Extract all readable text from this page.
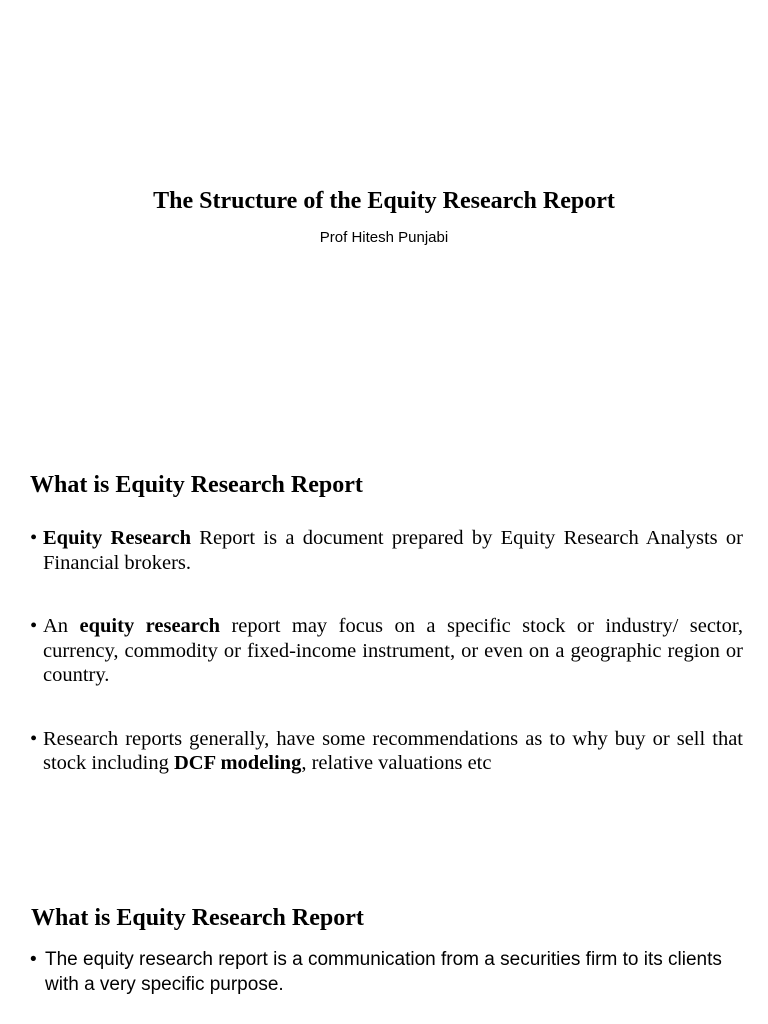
The Structure of the Equity Research Report
Prof Hitesh Punjabi
What is Equity Research Report
• Equity Research Report is a document prepared by Equity Research Analysts or Financial brokers.
• An equity research report may focus on a specific stock or industry/ sector, currency, commodity or fixed-income instrument, or even on a geographic region or country.
• Research reports generally, have some recommendations as to why buy or sell that stock including DCF modeling, relative valuations etc
What is Equity Research Report
• The equity research report is a communication from a securities firm to its clients with a very specific purpose.
